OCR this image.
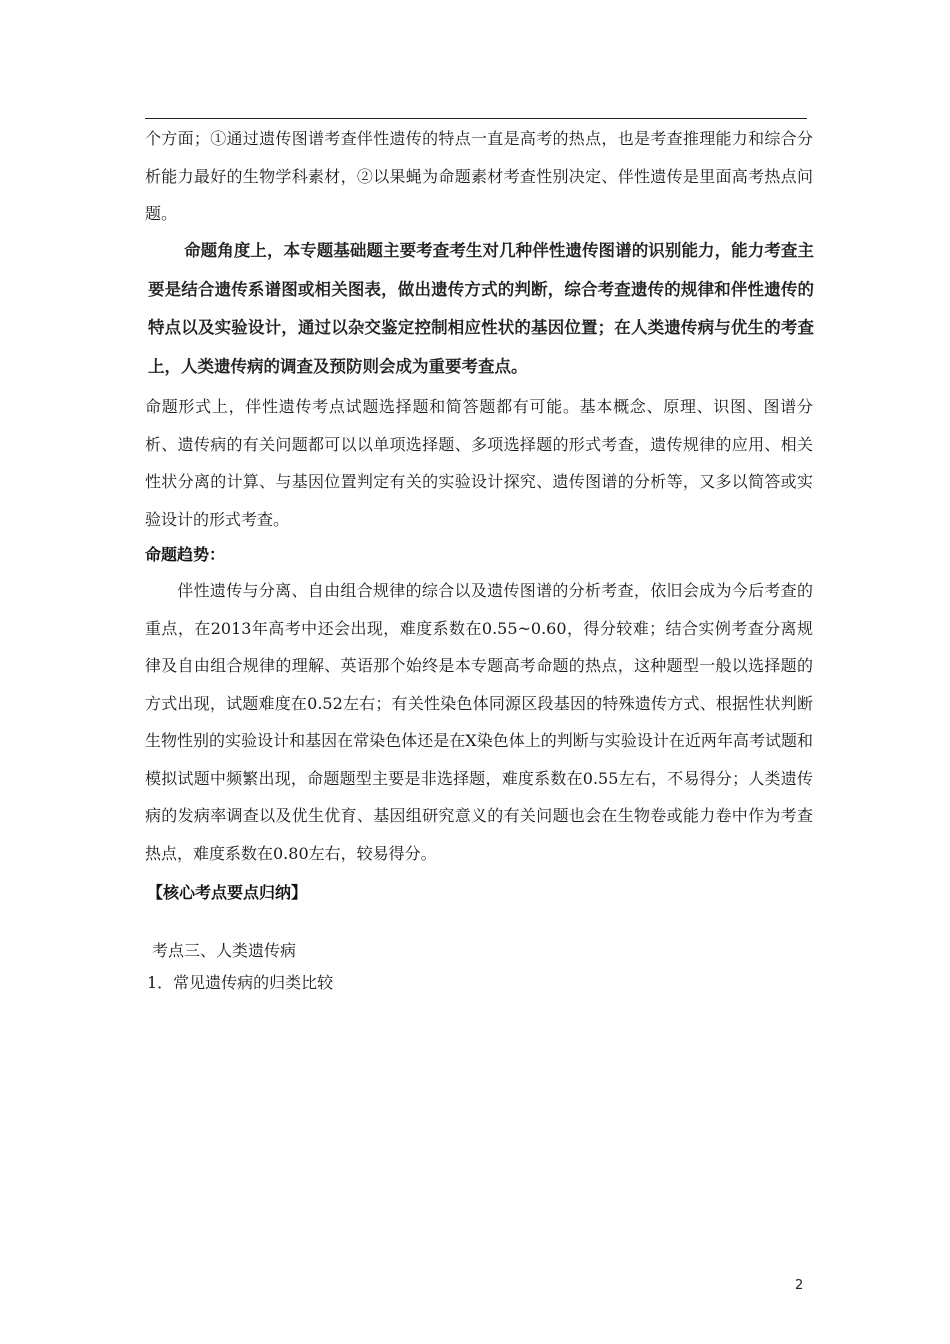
个方面；①通过遗传图谱考查伴性遗传的特点一直是高考的热点，也是考查推理能力和综合分析能力最好的生物学科素材，②以果蝇为命题素材考查性别决定、伴性遗传是里面高考热点问题。

命题角度上，本专题基础题主要考查考生对几种伴性遗传图谱的识别能力，能力考查主要是结合遗传系谱图或相关图表，做出遗传方式的判断，综合考查遗传的规律和伴性遗传的特点以及实验设计，通过以杂交鉴定控制相应性状的基因位置；在人类遗传病与优生的考查上，人类遗传病的调查及预防则会成为重要考查点。

命题形式上，伴性遗传考点试题选择题和简答题都有可能。基本概念、原理、识图、图谱分析、遗传病的有关问题都可以以单项选择题、多项选择题的形式考查，遗传规律的应用、相关性状分离的计算、与基因位置判定有关的实验设计探究、遗传图谱的分析等，又多以简答或实验设计的形式考查。

命题趋势：

伴性遗传与分离、自由组合规律的综合以及遗传图谱的分析考查，依旧会成为今后考查的重点，在2013年高考中还会出现，难度系数在0.55~0.60，得分较难；结合实例考查分离规律及自由组合规律的理解、英语那个始终是本专题高考命题的热点，这种题型一般以选择题的方式出现，试题难度在0.52左右；有关性染色体同源区段基因的特殊遗传方式、根据性状判断生物性别的实验设计和基因在常染色体还是在X染色体上的判断与实验设计在近两年高考试题和模拟试题中频繁出现，命题题型主要是非选择题，难度系数在0.55左右，不易得分；人类遗传病的发病率调查以及优生优育、基因组研究意义的有关问题也会在生物卷或能力卷中作为考查热点，难度系数在0.80左右，较易得分。

【核心考点要点归纳】

考点三、人类遗传病

1．常见遗传病的归类比较

2
